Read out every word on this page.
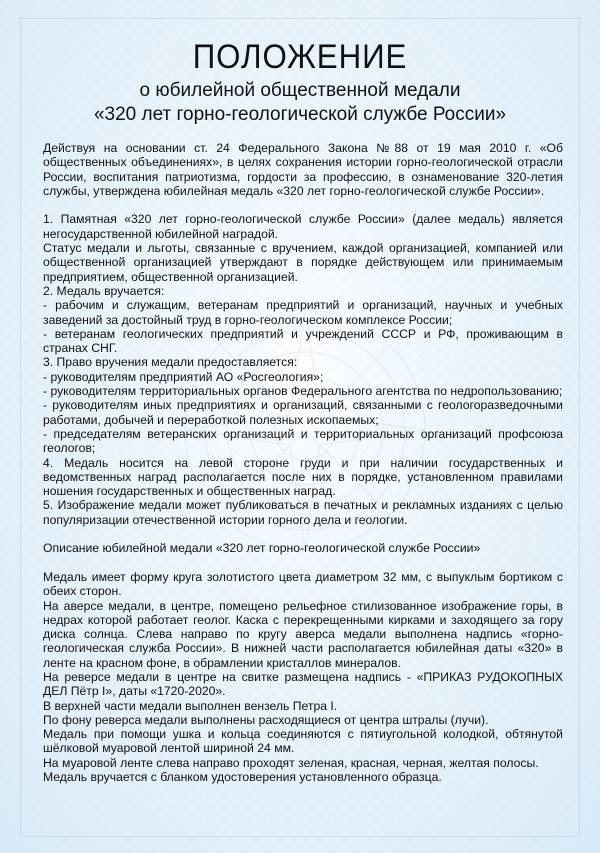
ПОЛОЖЕНИЕ
о юбилейной общественной медали
«320 лет горно-геологической службе России»

Действуя на основании ст. 24 Федерального Закона №88 от 19 мая 2010 г. «Об общественных объединениях», в целях сохранения истории горно-геологической отрасли России, воспитания патриотизма, гордости за профессию, в ознаменование 320-летия службы, утверждена юбилейная медаль «320 лет горно-геологической службе России».

1. Памятная «320 лет горно-геологической службе России» (далее медаль) является негосударственной юбилейной наградой.

Статус медали и льготы, связанные с вручением, каждой организацией, компанией или общественной организацией утверждают в порядке действующем или принимаемым предприятием, общественной организацией.

2. Медаль вручается:

- рабочим и служащим, ветеранам предприятий и организаций, научных и учебных заведений за достойный труд в горно-геологическом комплексе России;

- ветеранам геологических предприятий и учреждений СССР и РФ, проживающим в странах СНГ.

3. Право вручения медали предоставляется:

- руководителям предприятий АО «Росгеология»;

- руководителям территориальных органов Федерального агентства по недропользованию;

- руководителям иных предприятиях и организаций, связанными с геологоразведочными работами, добычей и переработкой полезных ископаемых;

- председателям ветеранских организаций и территориальных организаций профсоюза геологов;

4. Медаль носится на левой стороне груди и при наличии государственных и ведомственных наград располагается после них в порядке, установленном правилами ношения государственных и общественных наград.

5. Изображение медали может публиковаться в печатных и рекламных изданиях с целью популяризации отечественной истории горного дела и геологии.

Описание юбилейной медали «320 лет горно-геологической службе России»

Медаль имеет форму круга золотистого цвета диаметром 32 мм, с выпуклым бортиком с обеих сторон.

На аверсе медали, в центре, помещено рельефное стилизованное изображение горы, в недрах которой работает геолог. Каска с перекрещенными кирками и заходящего за гору диска солнца. Слева направо по кругу аверса медали выполнена надпись «горно-геологическая служба России». В нижней части располагается юбилейная даты «320» в ленте на красном фоне, в обрамлении кристаллов минералов.

На реверсе медали в центре на свитке размещена надпись - «ПРИКАЗ РУДОКОПНЫХ ДЕЛ Пётр I», даты «1720-2020».

В верхней части медали выполнен вензель Петра I.

По фону реверса медали выполнены расходящиеся от центра штралы (лучи).

Медаль при помощи ушка и кольца соединяются с пятиугольной колодкой, обтянутой шёлковой муаровой лентой шириной 24 мм.

На муаровой ленте слева направо проходят зеленая, красная, черная, желтая полосы.

Медаль вручается с бланком удостоверения установленного образца.
